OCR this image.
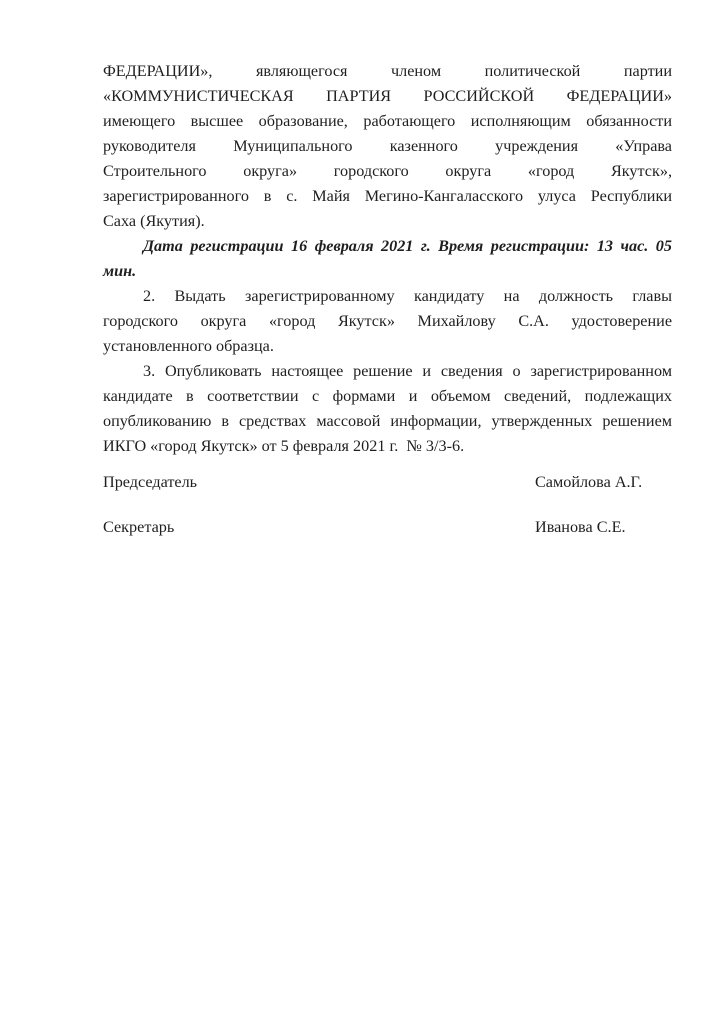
ФЕДЕРАЦИИ», являющегося членом политической партии
«КОММУНИСТИЧЕСКАЯ ПАРТИЯ РОССИЙСКОЙ ФЕДЕРАЦИИ»
имеющего высшее образование, работающего исполняющим обязанности
руководителя Муниципального казенного учреждения «Управа
Строительного округа» городского округа «город Якутск»,
зарегистрированного в с. Майя Мегино-Кангаласского улуса Республики
Саха (Якутия).
Дата регистрации 16 февраля 2021 г. Время регистрации: 13 час. 05
мин.
2. Выдать зарегистрированному кандидату на должность главы
городского округа «город Якутск» Михайлову С.А. удостоверение
установленного образца.
3. Опубликовать настоящее решение и сведения о зарегистрированном
кандидате в соответствии с формами и объемом сведений, подлежащих
опубликованию в средствах массовой информации, утвержденных решением
ИКГО «город Якутск» от 5 февраля 2021 г.  № 3/3-6.
Председатель	Самойлова А.Г.
Секретарь	Иванова С.Е.
